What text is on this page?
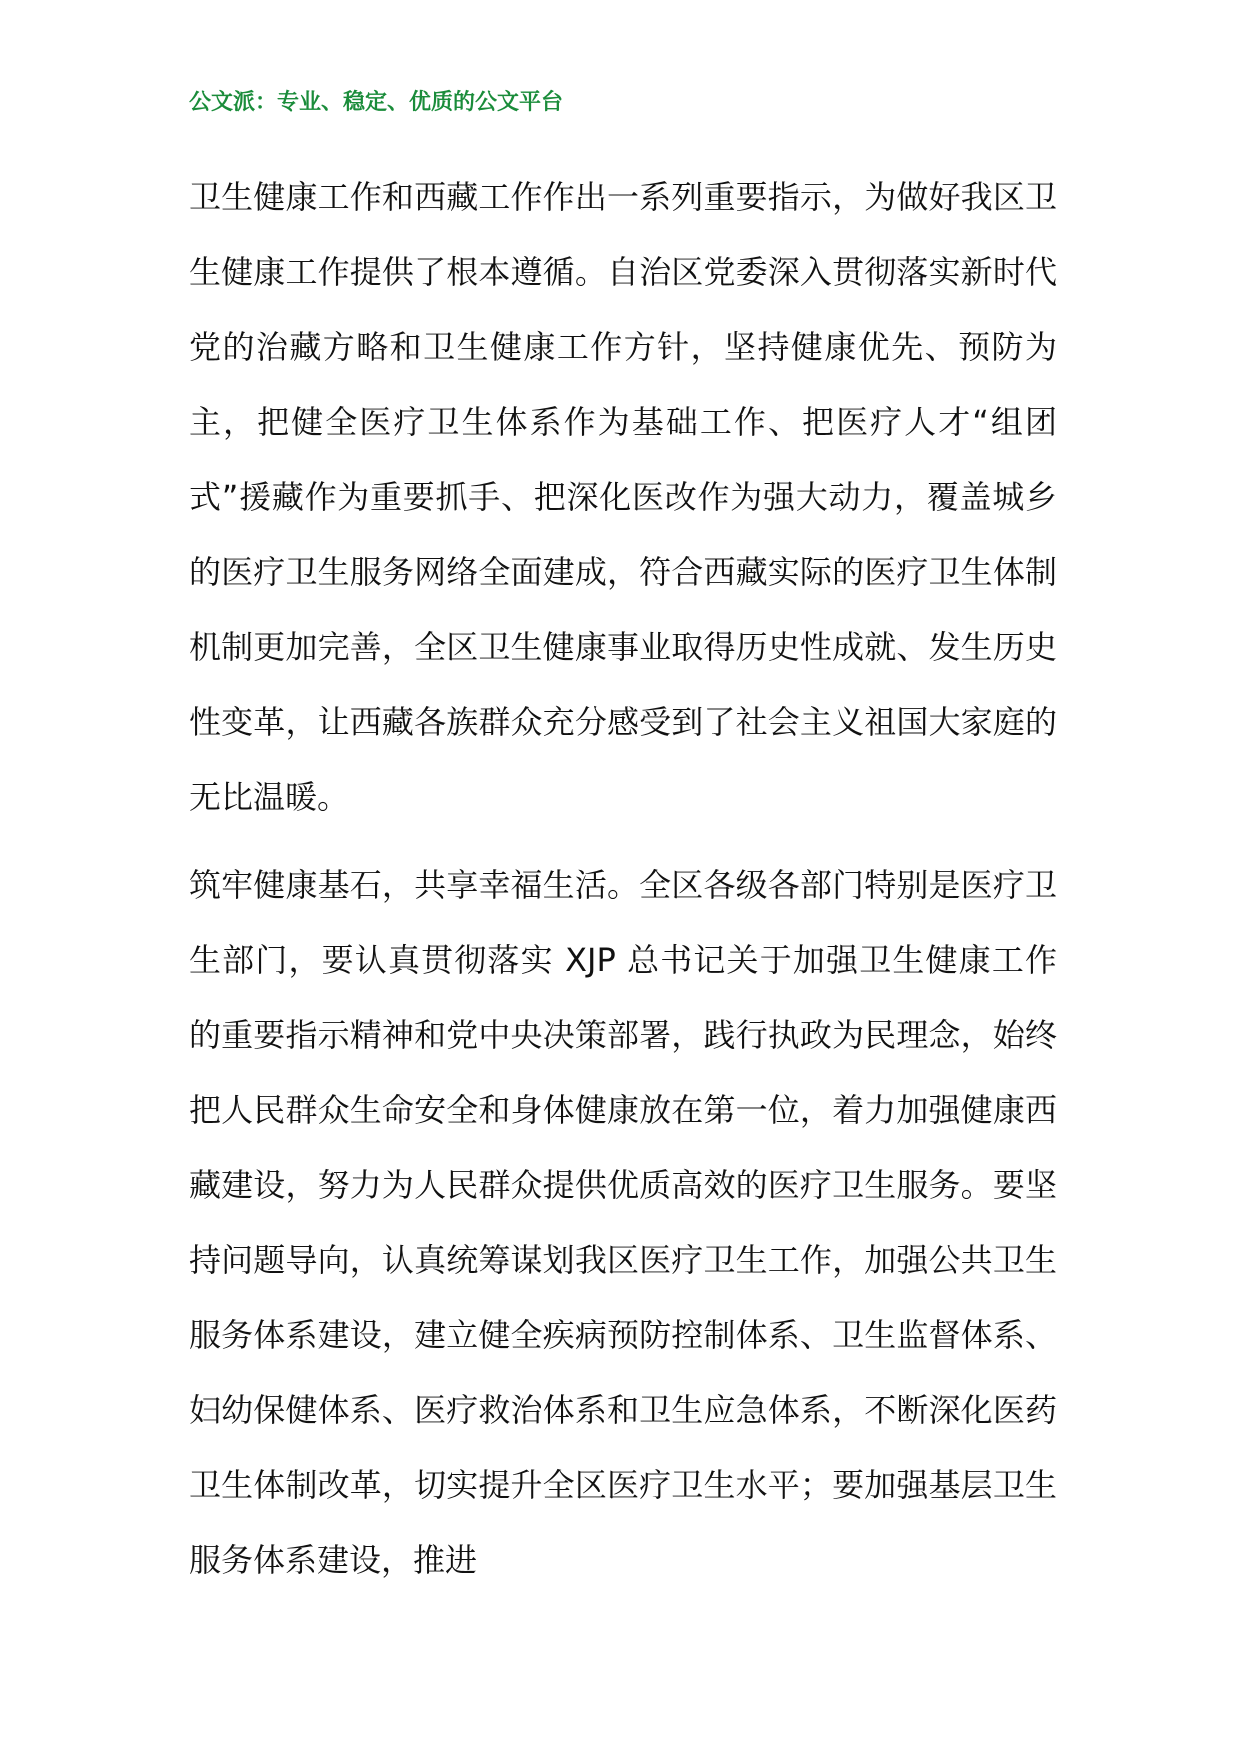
公文派：专业、稳定、优质的公文平台

卫生健康工作和西藏工作作出一系列重要指示，为做好我区卫生健康工作提供了根本遵循。自治区党委深入贯彻落实新时代党的治藏方略和卫生健康工作方针，坚持健康优先、预防为主，把健全医疗卫生体系作为基础工作、把医疗人才“组团式”援藏作为重要抓手、把深化医改作为强大动力，覆盖城乡的医疗卫生服务网络全面建成，符合西藏实际的医疗卫生体制机制更加完善，全区卫生健康事业取得历史性成就、发生历史性变革，让西藏各族群众充分感受到了社会主义祖国大家庭的无比温暖。

筑牢健康基石，共享幸福生活。全区各级各部门特别是医疗卫生部门，要认真贯彻落实 XJP 总书记关于加强卫生健康工作的重要指示精神和党中央决策部署，践行执政为民理念，始终把人民群众生命安全和身体健康放在第一位，着力加强健康西藏建设，努力为人民群众提供优质高效的医疗卫生服务。要坚持问题导向，认真统筹谋划我区医疗卫生工作，加强公共卫生服务体系建设，建立健全疾病预防控制体系、卫生监督体系、妇幼保健体系、医疗救治体系和卫生应急体系，不断深化医药卫生体制改革，切实提升全区医疗卫生水平；要加强基层卫生服务体系建设，推进
